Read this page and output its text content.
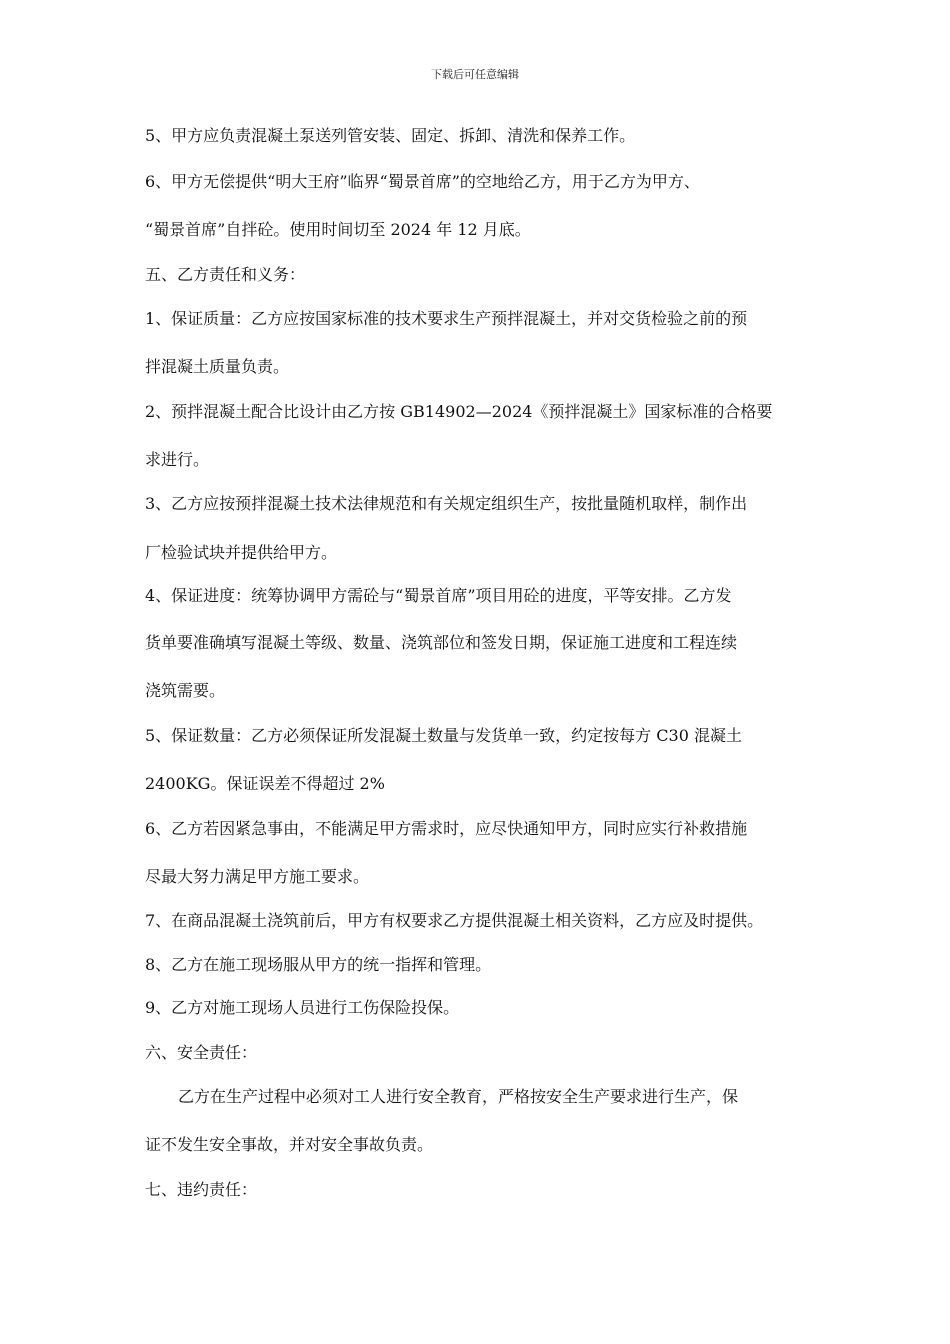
下载后可任意编辑
5、甲方应负责混凝土泵送列管安装、固定、拆卸、清洗和保养工作。
6、甲方无偿提供“明大王府”临界“蜀景首席”的空地给乙方，用于乙方为甲方、
“蜀景首席”自拌砼。使用时间切至 2024 年 12 月底。
五、乙方责任和义务：
1、保证质量：乙方应按国家标准的技术要求生产预拌混凝土，并对交货检验之前的预
拌混凝土质量负责。
2、预拌混凝土配合比设计由乙方按 GB14902—2024《预拌混凝土》国家标准的合格要
求进行。
3、乙方应按预拌混凝土技术法律规范和有关规定组织生产，按批量随机取样，制作出
厂检验试块并提供给甲方。
4、保证进度：统筹协调甲方需砼与“蜀景首席”项目用砼的进度，平等安排。乙方发
货单要准确填写混凝土等级、数量、浇筑部位和签发日期，保证施工进度和工程连续
浇筑需要。
5、保证数量：乙方必须保证所发混凝土数量与发货单一致，约定按每方 C30 混凝土
2400KG。保证误差不得超过 2%
6、乙方若因紧急事由，不能满足甲方需求时，应尽快通知甲方，同时应实行补救措施
尽最大努力满足甲方施工要求。
7、在商品混凝土浇筑前后，甲方有权要求乙方提供混凝土相关资料，乙方应及时提供。
8、乙方在施工现场服从甲方的统一指挥和管理。
9、乙方对施工现场人员进行工伤保险投保。
六、安全责任：
乙方在生产过程中必须对工人进行安全教育，严格按安全生产要求进行生产，保
证不发生安全事故，并对安全事故负责。
七、违约责任：
